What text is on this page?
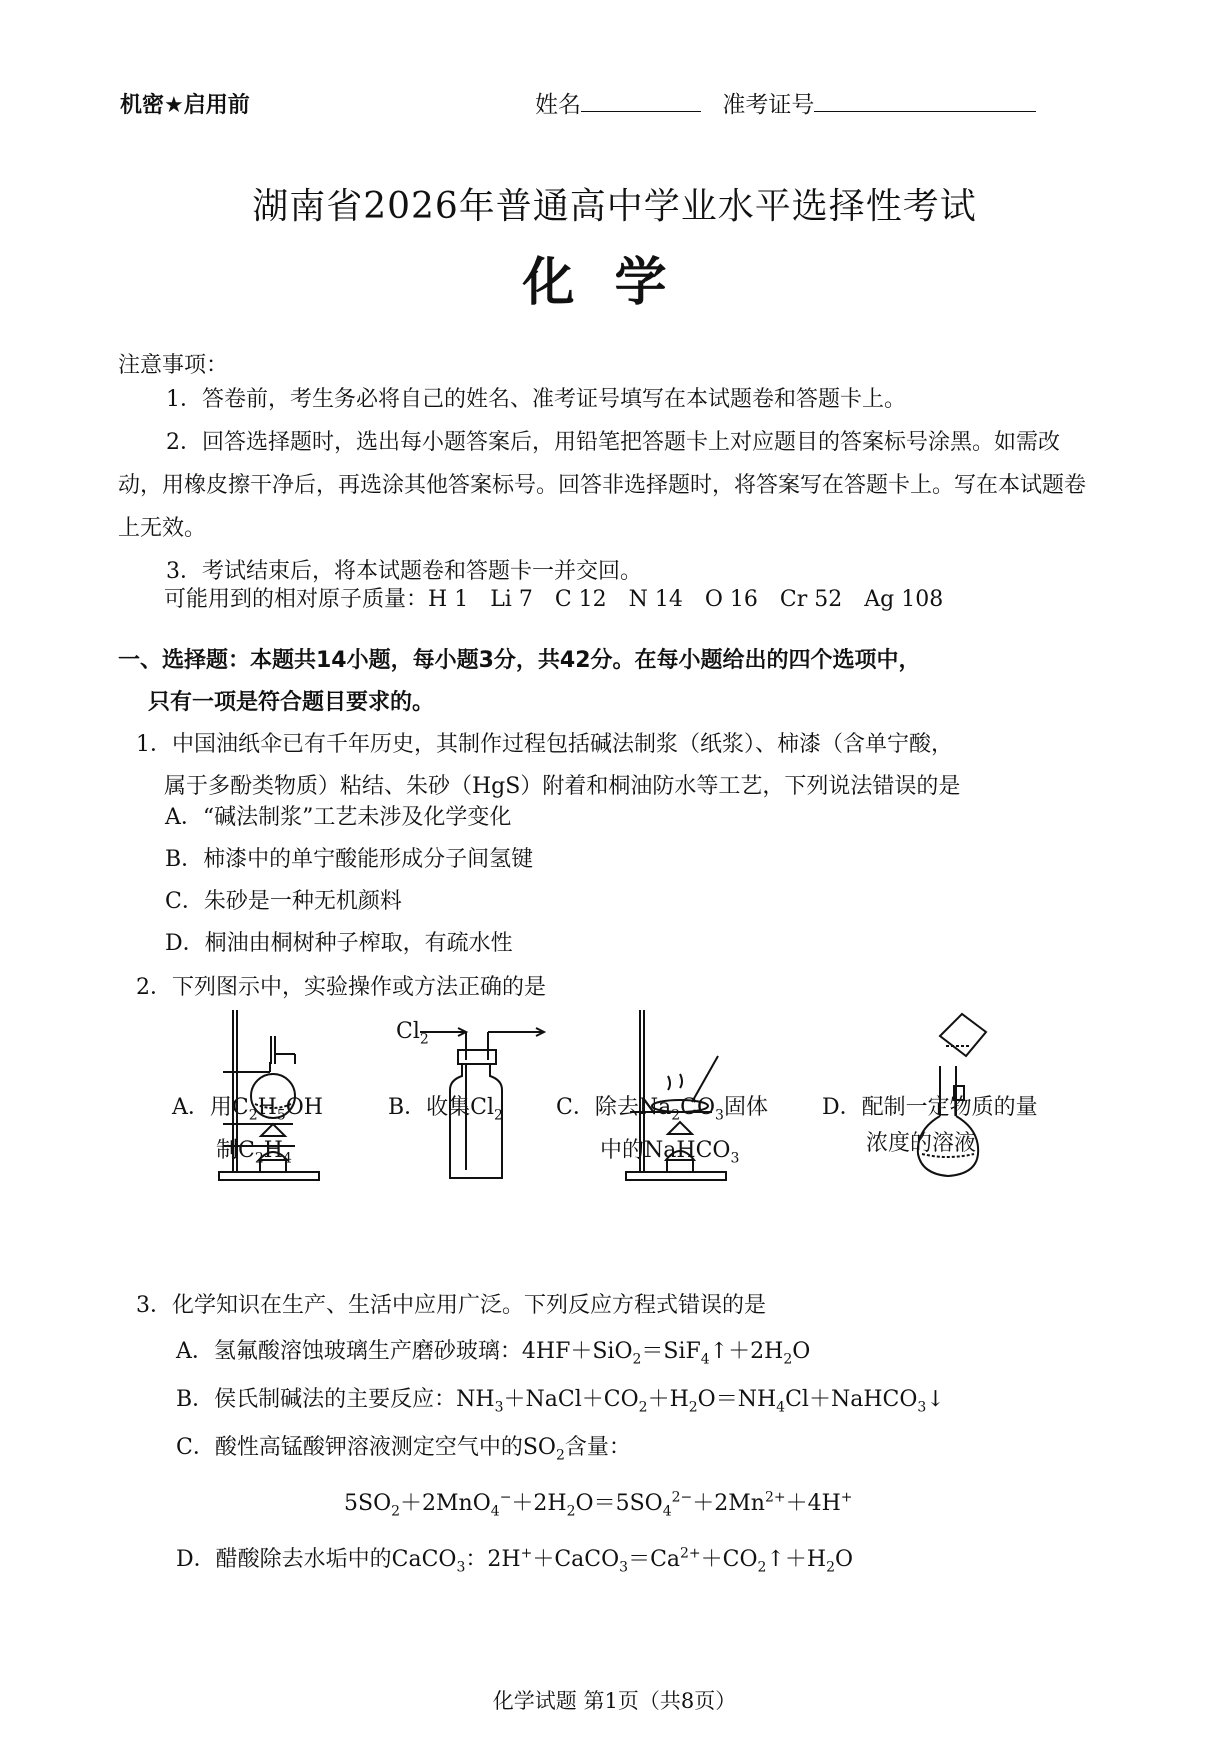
机密★启用前	姓名	准考证号
湖南省2026年普通高中学业水平选择性考试
化学
注意事项：
1．答卷前，考生务必将自己的姓名、准考证号填写在本试题卷和答题卡上。
2．回答选择题时，选出每小题答案后，用铅笔把答题卡上对应题目的答案标号涂黑。如需改动，用橡皮擦干净后，再选涂其他答案标号。回答非选择题时，将答案写在答题卡上。写在本试题卷上无效。
3．考试结束后，将本试题卷和答题卡一并交回。
可能用到的相对原子质量：H 1　Li 7　C 12　N 14　O 16　Cr 52　Ag 108
一、选择题：本题共14小题，每小题3分，共42分。在每小题给出的四个选项中，
只有一项是符合题目要求的。
1．中国油纸伞已有千年历史，其制作过程包括碱法制浆（纸浆）、柿漆（含单宁酸，
属于多酚类物质）粘结、朱砂（HgS）附着和桐油防水等工艺，下列说法错误的是
A．“碱法制浆”工艺未涉及化学变化
B．柿漆中的单宁酸能形成分子间氢键
C．朱砂是一种无机颜料
D．桐油由桐树种子榨取，有疏水性
2．下列图示中，实验操作或方法正确的是
$Cl_2$
A．用$C_2H_5OH$
制$C_2H_4$
B．收集$Cl_2$ C．除去$Na_2CO_3$固体
中的NaHCO$_3$
D．配制一定物质的量
浓度的溶液
3．化学知识在生产、生活中应用广泛。下列反应方程式错误的是
A．氢氟酸溶蚀玻璃生产磨砂玻璃：$4HF+SiO_2=SiF_4↑+2H_2O$
B．侯氏制碱法的主要反应：$NH_3+NaCl+CO_2+H_2O=NH_4Cl+NaHCO_3↓$
C．酸性高锰酸钾溶液测定空气中的$SO_2$含量：
$5SO_2+2MnO_4^-+2H_2O=5SO_4^{2-}+2Mn^{2+}+4H^+$
D．醋酸除去水垢中的CaCO$_3$：$2H^++CaCO_3=Ca^{2+}+CO_2↑+H_2O$
化学试题 第1页（共8页）
